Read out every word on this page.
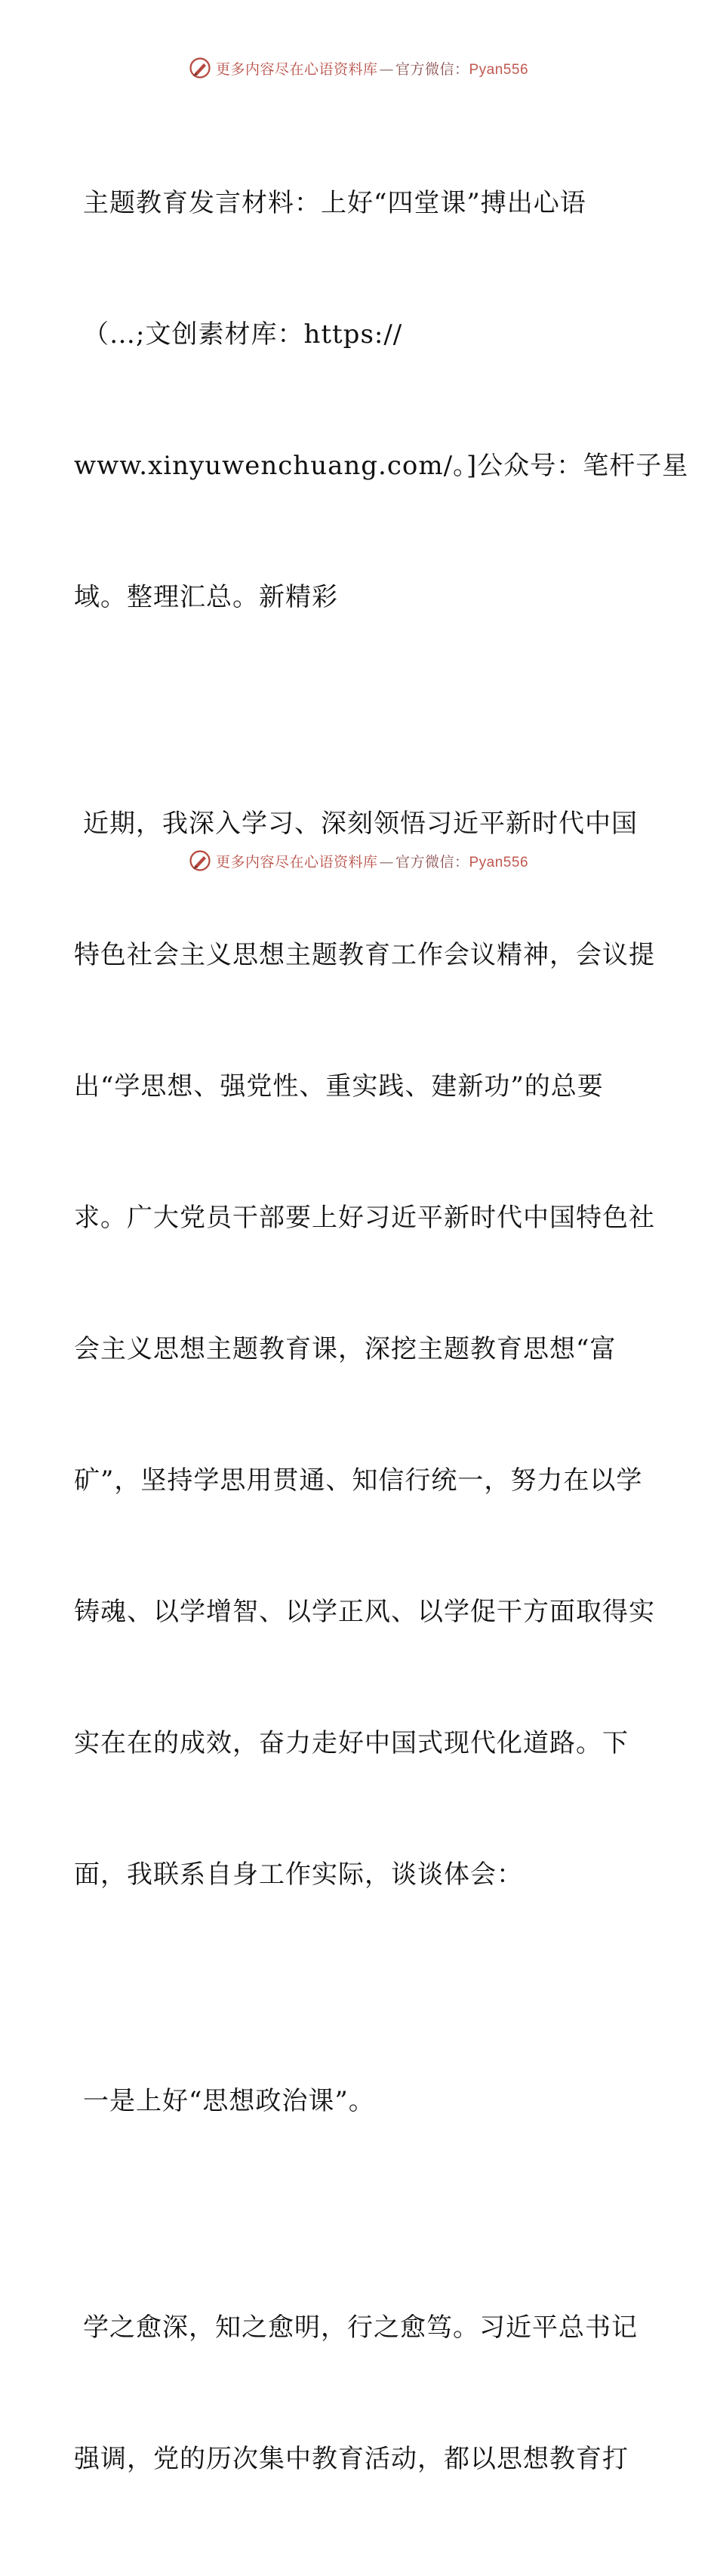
更多内容尽在心语资料库 — 官方微信：Pyan556

主题教育发言材料：上好“四堂课”搏出心语

（…;文创素材库：https://

www.xinyuwenchuang.com/。]公众号：笔杆子星

域。整理汇总。新精彩

近期，我深入学习、深刻领悟习近平新时代中国

特色社会主义思想主题教育工作会议精神，会议提

出“学思想、强党性、重实践、建新功”的总要

求。广大党员干部要上好习近平新时代中国特色社

会主义思想主题教育课，深挖主题教育思想“富

矿”，坚持学思用贯通、知信行统一，努力在以学

铸魂、以学增智、以学正风、以学促干方面取得实

实在在的成效，奋力走好中国式现代化道路。下

面，我联系自身工作实际，谈谈体会：

一是上好“思想政治课”。

学之愈深，知之愈明，行之愈笃。习近平总书记

强调，党的历次集中教育活动，都以思想教育打

更多内容尽在心语资料库 — 官方微信：Pyan556
